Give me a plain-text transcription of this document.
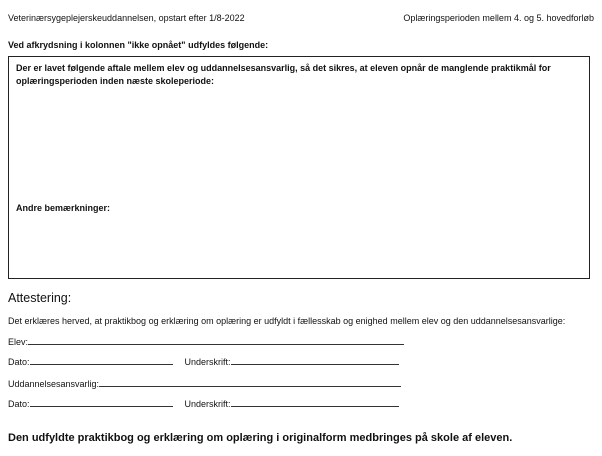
Veterinærsygeplejerskeuddannelsen, opstart efter 1/8-2022	Oplæringsperioden mellem 4. og 5. hovedforløb
Ved afkrydsning i kolonnen "ikke opnået" udfyldes følgende:
Der er lavet følgende aftale mellem elev og uddannelsesansvarlig, så det sikres, at eleven opnår de manglende praktikmål for oplæringsperioden inden næste skoleperiode:
Andre bemærkninger:
Attestering:
Det erklæres herved, at praktikbog og erklæring om oplæring er udfyldt i fællesskab og enighed mellem elev og den uddannelsesansvarlige:
Elev:
Dato:	Underskrift:
Uddannelsesansvarlig:
Dato:	Underskrift:
Den udfyldte praktikbog og erklæring om oplæring i originalform medbringes på skole af eleven.
